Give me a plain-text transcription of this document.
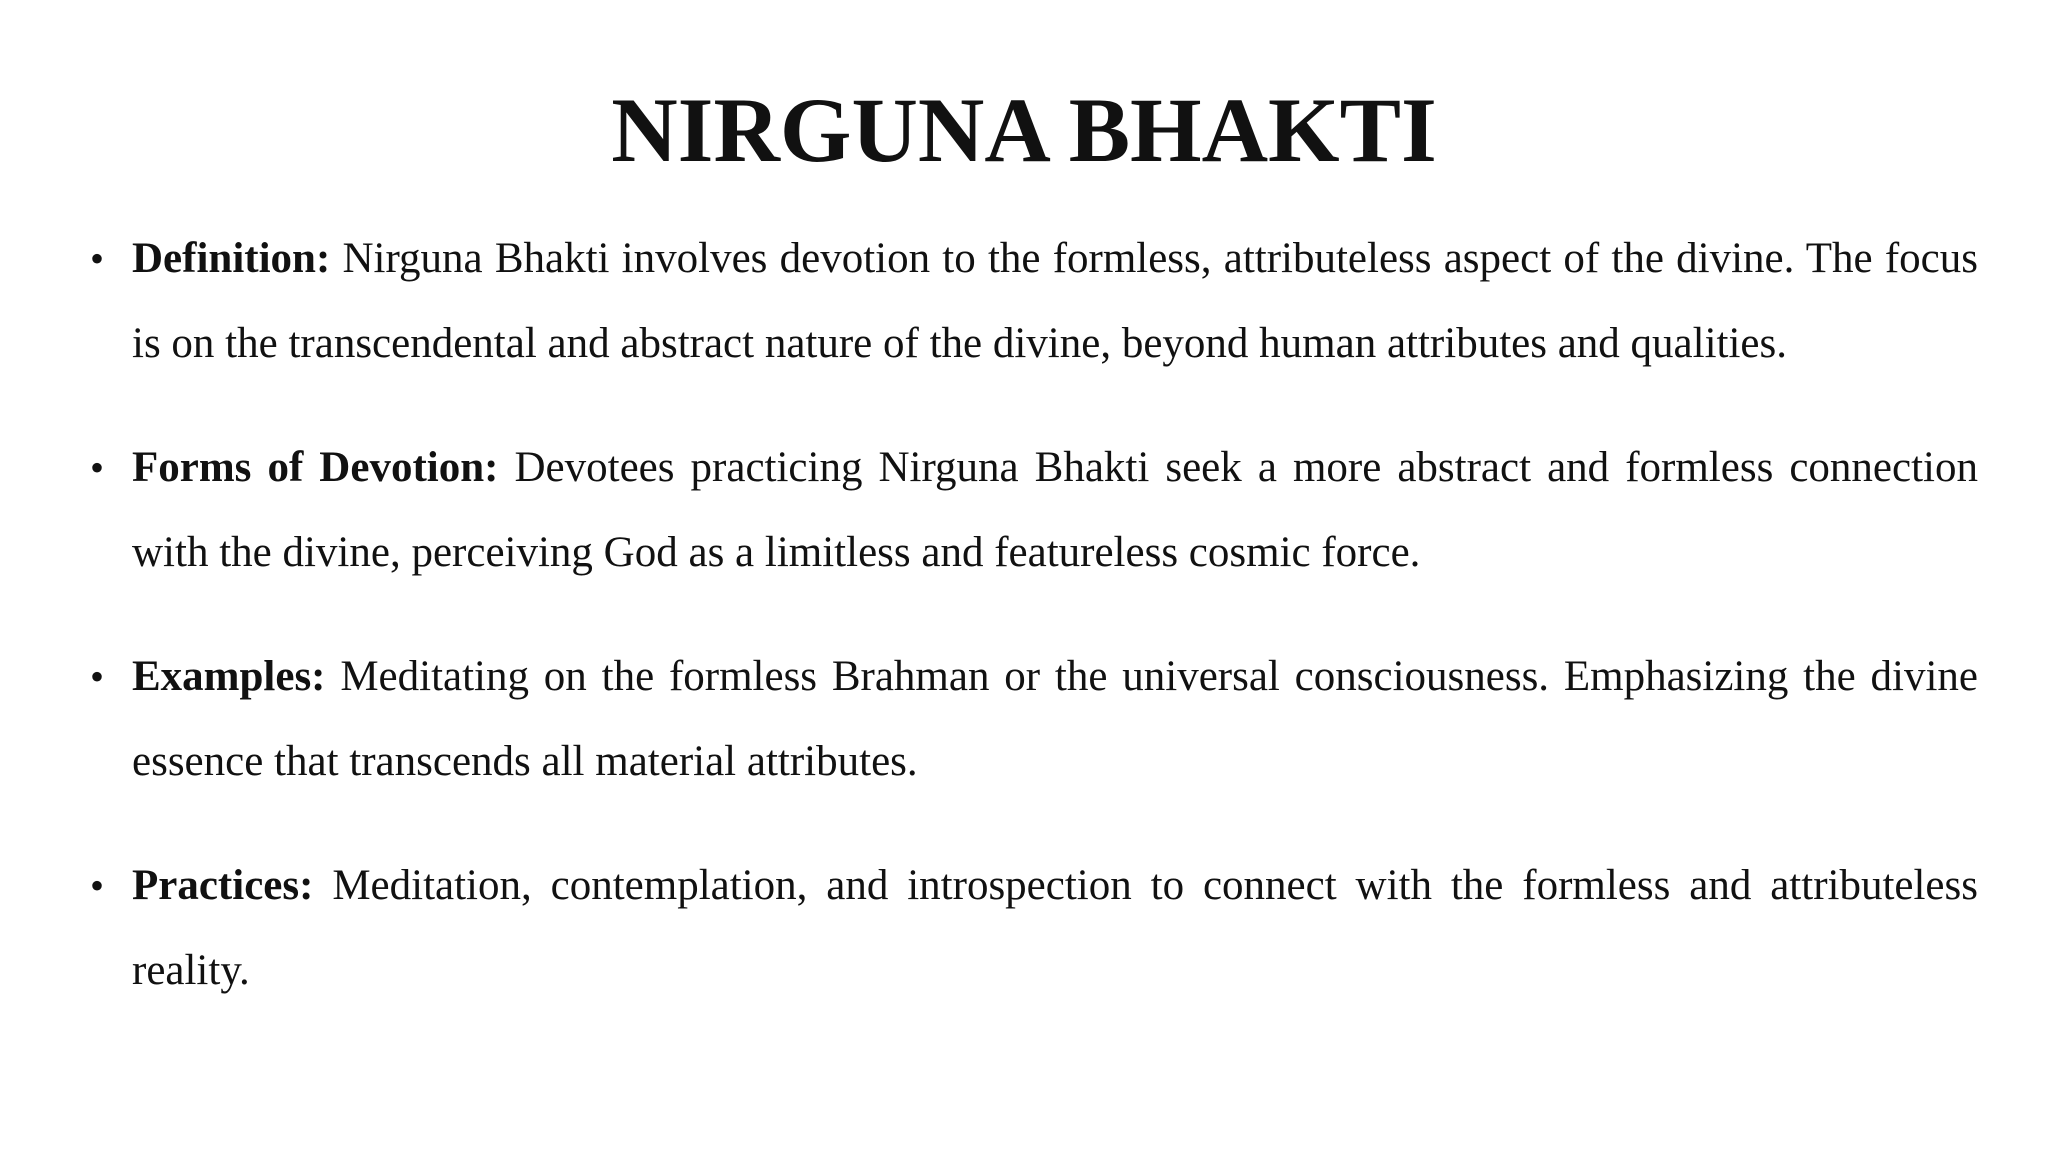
NIRGUNA BHAKTI
• Definition: Nirguna Bhakti involves devotion to the formless, attributeless aspect of the divine. The focus is on the transcendental and abstract nature of the divine, beyond human attributes and qualities.
• Forms of Devotion: Devotees practicing Nirguna Bhakti seek a more abstract and formless connection with the divine, perceiving God as a limitless and featureless cosmic force.
• Examples: Meditating on the formless Brahman or the universal consciousness. Emphasizing the divine essence that transcends all material attributes.
• Practices: Meditation, contemplation, and introspection to connect with the formless and attributeless reality.
